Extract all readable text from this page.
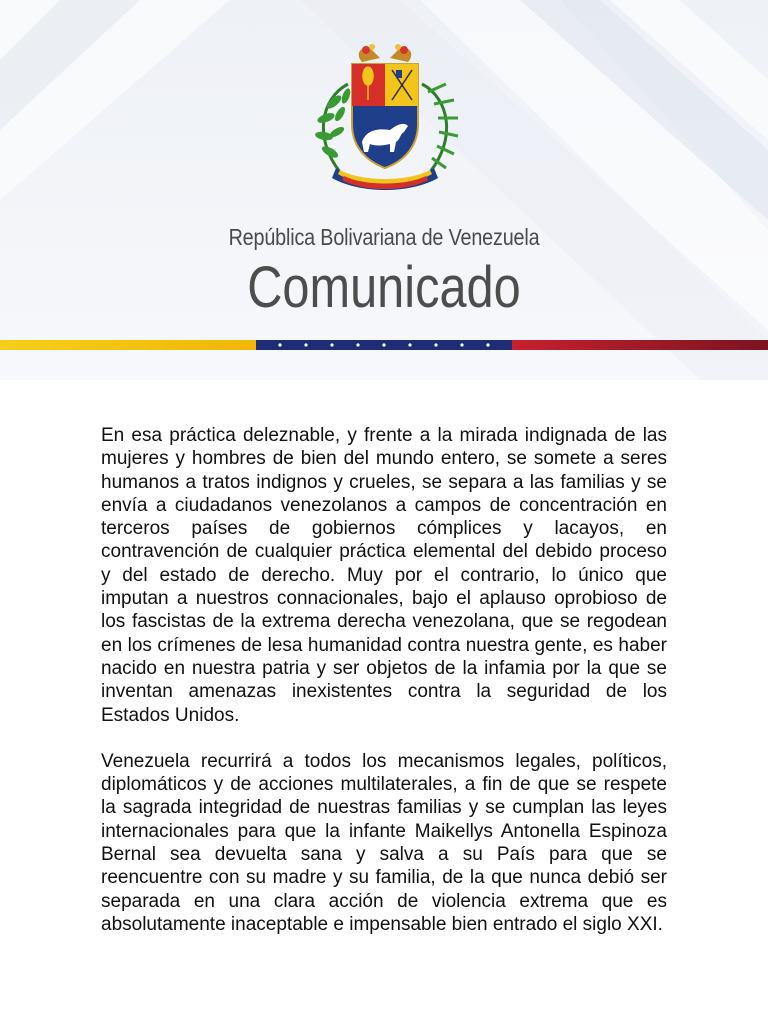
República Bolivariana de Venezuela
Comunicado

En esa práctica deleznable, y frente a la mirada indignada de las mujeres y hombres de bien del mundo entero, se somete a seres humanos a tratos indignos y crueles, se separa a las familias y se envía a ciudadanos venezolanos a campos de concentración en terceros países de gobiernos cómplices y lacayos, en contravención de cualquier práctica elemental del debido proceso y del estado de derecho. Muy por el contrario, lo único que imputan a nuestros connacionales, bajo el aplauso oprobioso de los fascistas de la extrema derecha venezolana, que se regodean en los crímenes de lesa humanidad contra nuestra gente, es haber nacido en nuestra patria y ser objetos de la infamia por la que se inventan amenazas inexistentes contra la seguridad de los Estados Unidos.

Venezuela recurrirá a todos los mecanismos legales, políticos, diplomáticos y de acciones multilaterales, a fin de que se respete la sagrada integridad de nuestras familias y se cumplan las leyes internacionales para que la infante Maikellys Antonella Espinoza Bernal sea devuelta sana y salva a su País para que se reencuentre con su madre y su familia, de la que nunca debió ser separada en una clara acción de violencia extrema que es absolutamente inaceptable e impensable bien entrado el siglo XXI.
